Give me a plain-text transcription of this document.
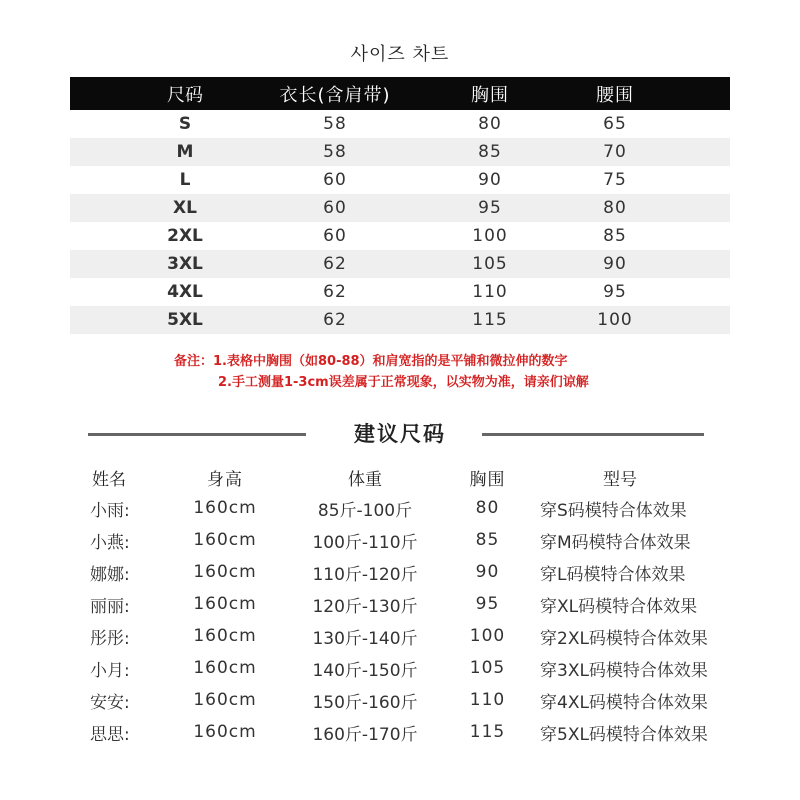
사이즈 차트
尺码	衣长(含肩带)	胸围	腰围
S	58	80	65
M	58	85	70
L	60	90	75
XL	60	95	80
2XL	60	100	85
3XL	62	105	90
4XL	62	110	95
5XL	62	115	100
备注：1.表格中胸围（如80-88）和肩宽指的是平铺和微拉伸的数字
2.手工测量1-3cm误差属于正常现象，以实物为准，请亲们谅解
建议尺码
姓名	身高	体重	胸围	型号
小雨:	160cm	85斤-100斤	80	穿S码模特合体效果
小燕:	160cm	100斤-110斤	85	穿M码模特合体效果
娜娜:	160cm	110斤-120斤	90	穿L码模特合体效果
丽丽:	160cm	120斤-130斤	95	穿XL码模特合体效果
彤彤:	160cm	130斤-140斤	100	穿2XL码模特合体效果
小月:	160cm	140斤-150斤	105	穿3XL码模特合体效果
安安:	160cm	150斤-160斤	110	穿4XL码模特合体效果
思思:	160cm	160斤-170斤	115	穿5XL码模特合体效果
